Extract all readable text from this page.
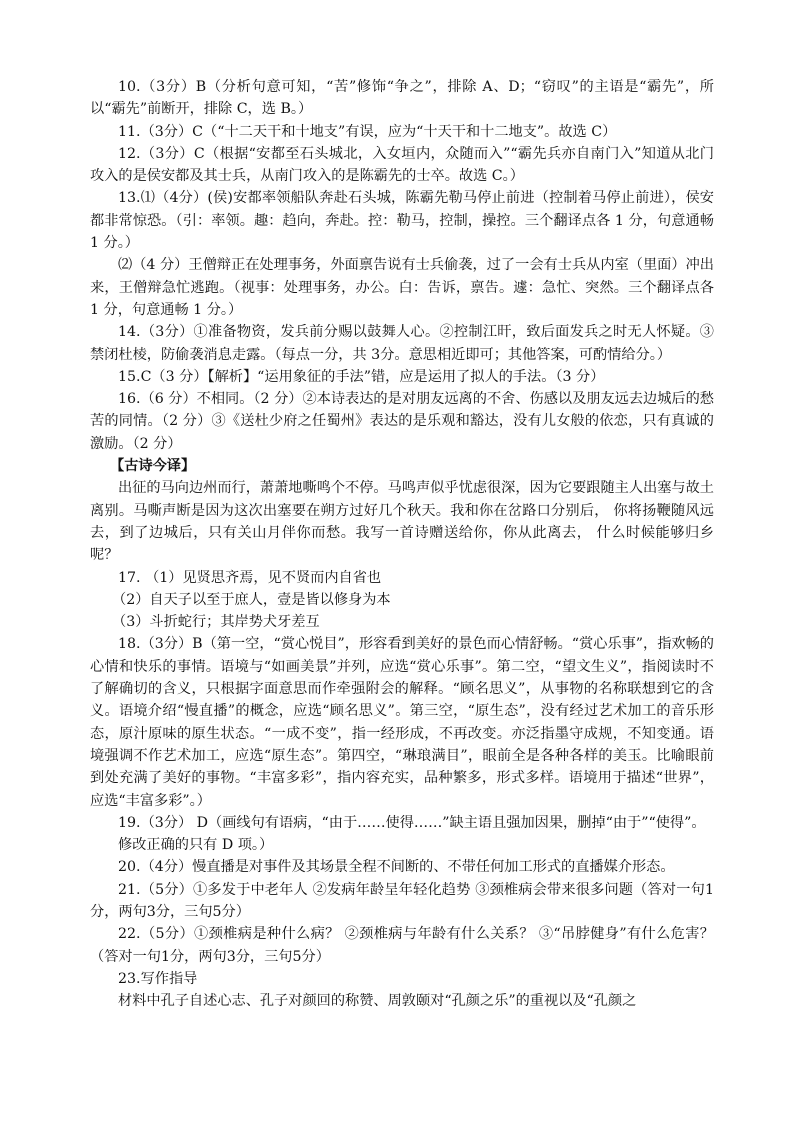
10.（3分）B（分析句意可知，“苦”修饰“争之”，排除 A、D；“窃叹”的主语是“霸先”，所以“霸先”前断开，排除 C，选 B。）

11.（3分）C（“十二天干和十地支”有误，应为“十天干和十二地支”。故选 C）

12.（3分）C（根据“安都至石头城北，入女垣内，众随而入”“霸先兵亦自南门入”知道从北门攻入的是侯安都及其士兵，从南门攻入的是陈霸先的士卒。故选 C。）

13.⑴（4分）(侯)安都率领船队奔赴石头城，陈霸先勒马停止前进（控制着马停止前进），侯安都非常惊恐。（引：率领。趣：趋向，奔赴。控：勒马，控制，操控。三个翻译点各 1 分，句意通畅 1 分。）

⑵（4 分）王僧辩正在处理事务，外面禀告说有士兵偷袭，过了一会有士兵从内室（里面）冲出来，王僧辩急忙逃跑。（视事：处理事务，办公。白：告诉，禀告。遽：急忙、突然。三个翻译点各 1 分，句意通畅 1 分。）

14.（3分）①准备物资，发兵前分赐以鼓舞人心。②控制江旰，致后面发兵之时无人怀疑。③禁闭杜棱，防偷袭消息走露。（每点一分，共 3分。意思相近即可；其他答案，可酌情给分。）

15.C（3 分）【解析】“运用象征的手法”错，应是运用了拟人的手法。（3 分）

16.（6 分）不相同。（2 分）②本诗表达的是对朋友远离的不舍、伤感以及朋友远去边城后的愁苦的同情。（2 分）③《送杜少府之任蜀州》表达的是乐观和豁达，没有儿女般的依恋，只有真诚的激励。（2 分）

【古诗今译】

出征的马向边州而行，萧萧地嘶鸣个不停。马鸣声似乎忧虑很深，因为它要跟随主人出塞与故土离别。马嘶声断是因为这次出塞要在朔方过好几个秋天。我和你在岔路口分别后， 你将扬鞭随风远去，到了边城后，只有关山月伴你而愁。我写一首诗赠送给你，你从此离去， 什么时候能够归乡呢？

17. （1）见贤思齐焉，见不贤而内自省也

（2）自天子以至于庶人，壹是皆以修身为本

（3）斗折蛇行；其岸势犬牙差互

18.（3分）B（第一空，“赏心悦目”，形容看到美好的景色而心情舒畅。“赏心乐事”，指欢畅的心情和快乐的事情。语境与“如画美景”并列，应选“赏心乐事”。第二空，“望文生义”，指阅读时不了解确切的含义，只根据字面意思而作牵强附会的解释。“顾名思义”，从事物的名称联想到它的含义。语境介绍“慢直播”的概念，应选“顾名思义”。第三空，“原生态”，没有经过艺术加工的音乐形态，原汁原味的原生状态。“一成不变”，指一经形成，不再改变。亦泛指墨守成规，不知变通。语境强调不作艺术加工，应选“原生态”。第四空，“琳琅满目”，眼前全是各种各样的美玉。比喻眼前到处充满了美好的事物。“丰富多彩”，指内容充实，品种繁多，形式多样。语境用于描述“世界”，应选“丰富多彩”。）

19.（3分） D（画线句有语病，“由于……使得……”缺主语且强加因果，删掉“由于”“使得”。

修改正确的只有 D 项。）

20.（4分）慢直播是对事件及其场景全程不间断的、不带任何加工形式的直播媒介形态。

21.（5分）①多发于中老年人 ②发病年龄呈年轻化趋势 ③颈椎病会带来很多问题（答对一句1分，两句3分，三句5分）

22.（5分）①颈椎病是种什么病？ ②颈椎病与年龄有什么关系？ ③“吊脖健身”有什么危害？（答对一句1分，两句3分，三句5分）

23.写作指导

材料中孔子自述心志、孔子对颜回的称赞、周敦颐对“孔颜之乐”的重视以及“孔颜之
